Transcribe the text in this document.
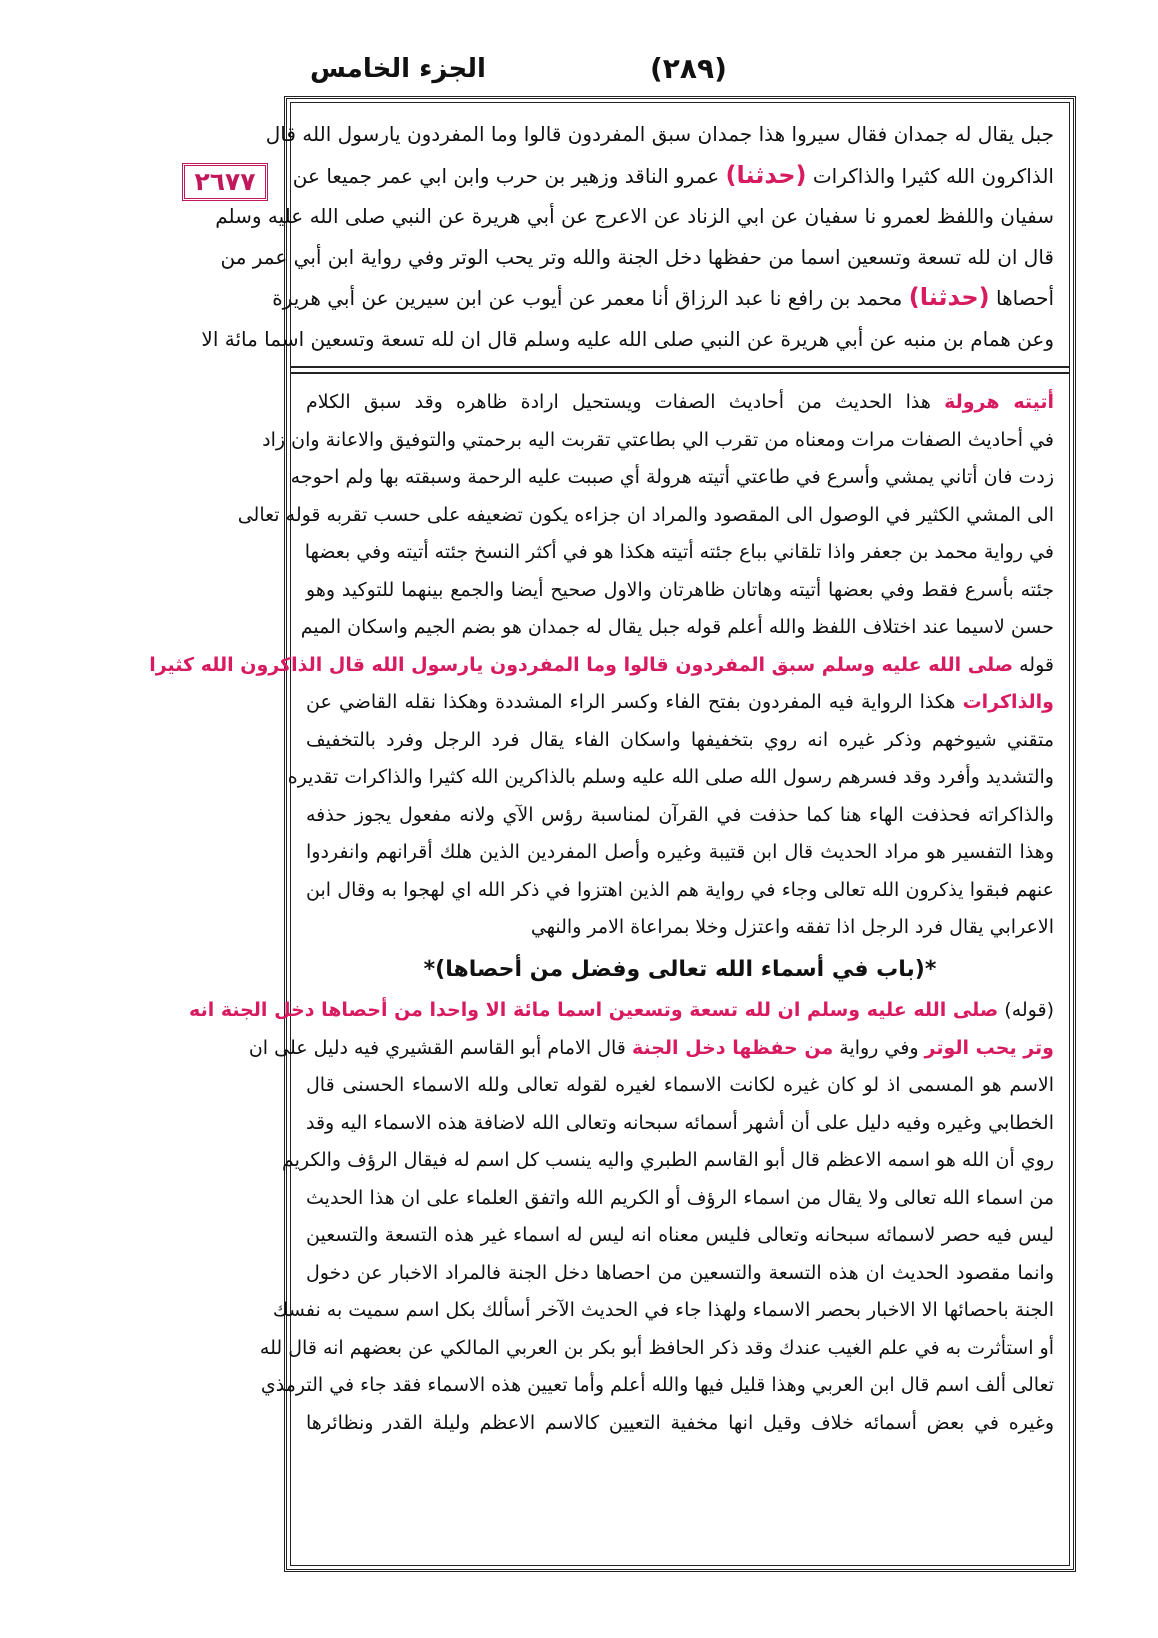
(٢٨٩)
الجزء الخامس
٢٦٧٧
جبل يقال له جمدان فقال سيروا هذا جمدان سبق المفردون قالوا وما المفردون يارسول الله قال
الذاكرون الله كثيرا والذاكرات (حدثنا) عمرو الناقد وزهير بن حرب وابن ابي عمر جميعا عن
سفيان واللفظ لعمرو نا سفيان عن ابي الزناد عن الاعرج عن أبي هريرة عن النبي صلى الله عليه وسلم
قال ان لله تسعة وتسعين اسما من حفظها دخل الجنة والله وتر يحب الوتر وفي رواية ابن أبي عمر من
أحصاها (حدثنا) محمد بن رافع نا عبد الرزاق أنا معمر عن أيوب عن ابن سيرين عن أبي هريرة
وعن همام بن منبه عن أبي هريرة عن النبي صلى الله عليه وسلم قال ان لله تسعة وتسعين اسما مائة الا
أتيته هرولة هذا الحديث من أحاديث الصفات ويستحيل ارادة ظاهره وقد سبق الكلام
في أحاديث الصفات مرات ومعناه من تقرب الي بطاعتي تقربت اليه برحمتي والتوفيق والاعانة وان زاد
زدت فان أتاني يمشي وأسرع في طاعتي أتيته هرولة أي صببت عليه الرحمة وسبقته بها ولم احوجه
الى المشي الكثير في الوصول الى المقصود والمراد ان جزاءه يكون تضعيفه على حسب تقربه قوله تعالى
في رواية محمد بن جعفر واذا تلقاني بباع جئته أتيته هكذا هو في أكثر النسخ جئته أتيته وفي بعضها
جئته بأسرع فقط وفي بعضها أتيته وهاتان ظاهرتان والاول صحيح أيضا والجمع بينهما للتوكيد وهو
حسن لاسيما عند اختلاف اللفظ والله أعلم قوله جبل يقال له جمدان هو بضم الجيم واسكان الميم
قوله صلى الله عليه وسلم سبق المفردون قالوا وما المفردون يارسول الله قال الذاكرون الله كثيرا
والذاكرات هكذا الرواية فيه المفردون بفتح الفاء وكسر الراء المشددة وهكذا نقله القاضي عن
متقني شيوخهم وذكر غيره انه روي بتخفيفها واسكان الفاء يقال فرد الرجل وفرد بالتخفيف
والتشديد وأفرد وقد فسرهم رسول الله صلى الله عليه وسلم بالذاكرين الله كثيرا والذاكرات تقديره
والذاكراته فحذفت الهاء هنا كما حذفت في القرآن لمناسبة رؤس الآي ولانه مفعول يجوز حذفه
وهذا التفسير هو مراد الحديث قال ابن قتيبة وغيره وأصل المفردين الذين هلك أقرانهم وانفردوا
عنهم فبقوا يذكرون الله تعالى وجاء في رواية هم الذين اهتزوا في ذكر الله اي لهجوا به وقال ابن
الاعرابي يقال فرد الرجل اذا تفقه واعتزل وخلا بمراعاة الامر والنهي
*(باب في أسماء الله تعالى وفضل من أحصاها)*
(قوله) صلى الله عليه وسلم ان لله تسعة وتسعين اسما مائة الا واحدا من أحصاها دخل الجنة انه
وتر يحب الوتر وفي رواية من حفظها دخل الجنة قال الامام أبو القاسم القشيري فيه دليل على ان
الاسم هو المسمى اذ لو كان غيره لكانت الاسماء لغيره لقوله تعالى ولله الاسماء الحسنى قال
الخطابي وغيره وفيه دليل على أن أشهر أسمائه سبحانه وتعالى الله لاضافة هذه الاسماء اليه وقد
روي أن الله هو اسمه الاعظم قال أبو القاسم الطبري واليه ينسب كل اسم له فيقال الرؤف والكريم
من اسماء الله تعالى ولا يقال من اسماء الرؤف أو الكريم الله واتفق العلماء على ان هذا الحديث
ليس فيه حصر لاسمائه سبحانه وتعالى فليس معناه انه ليس له اسماء غير هذه التسعة والتسعين
وانما مقصود الحديث ان هذه التسعة والتسعين من احصاها دخل الجنة فالمراد الاخبار عن دخول
الجنة باحصائها الا الاخبار بحصر الاسماء ولهذا جاء في الحديث الآخر أسألك بكل اسم سميت به نفسك
أو استأثرت به في علم الغيب عندك وقد ذكر الحافظ أبو بكر بن العربي المالكي عن بعضهم انه قال لله
تعالى ألف اسم قال ابن العربي وهذا قليل فيها والله أعلم وأما تعيين هذه الاسماء فقد جاء في الترمذي
وغيره في بعض أسمائه خلاف وقيل انها مخفية التعيين كالاسم الاعظم وليلة القدر ونظائرها
